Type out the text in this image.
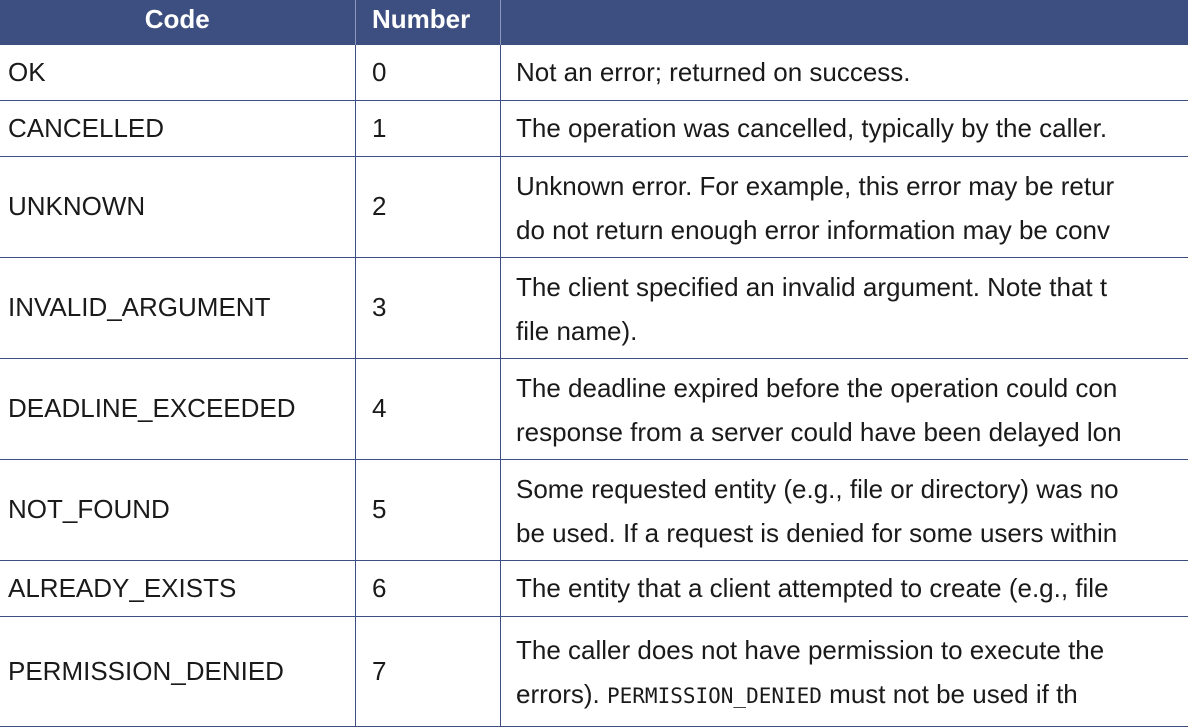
Code	Number	
OK	0	Not an error; returned on success.

CANCELLED	1	The operation was cancelled, typically by the caller.

UNKNOWN	2	Unknown error. For example, this error may be retur
do not return enough error information may be conv

INVALID_ARGUMENT	3	The client specified an invalid argument. Note that t
file name).

DEADLINE_EXCEEDED	4	The deadline expired before the operation could con
response from a server could have been delayed lon

NOT_FOUND	5	Some requested entity (e.g., file or directory) was no
be used. If a request is denied for some users within

ALREADY_EXISTS	6	The entity that a client attempted to create (e.g., file

PERMISSION_DENIED	7	The caller does not have permission to execute the
errors). PERMISSION_DENIED must not be used if th
